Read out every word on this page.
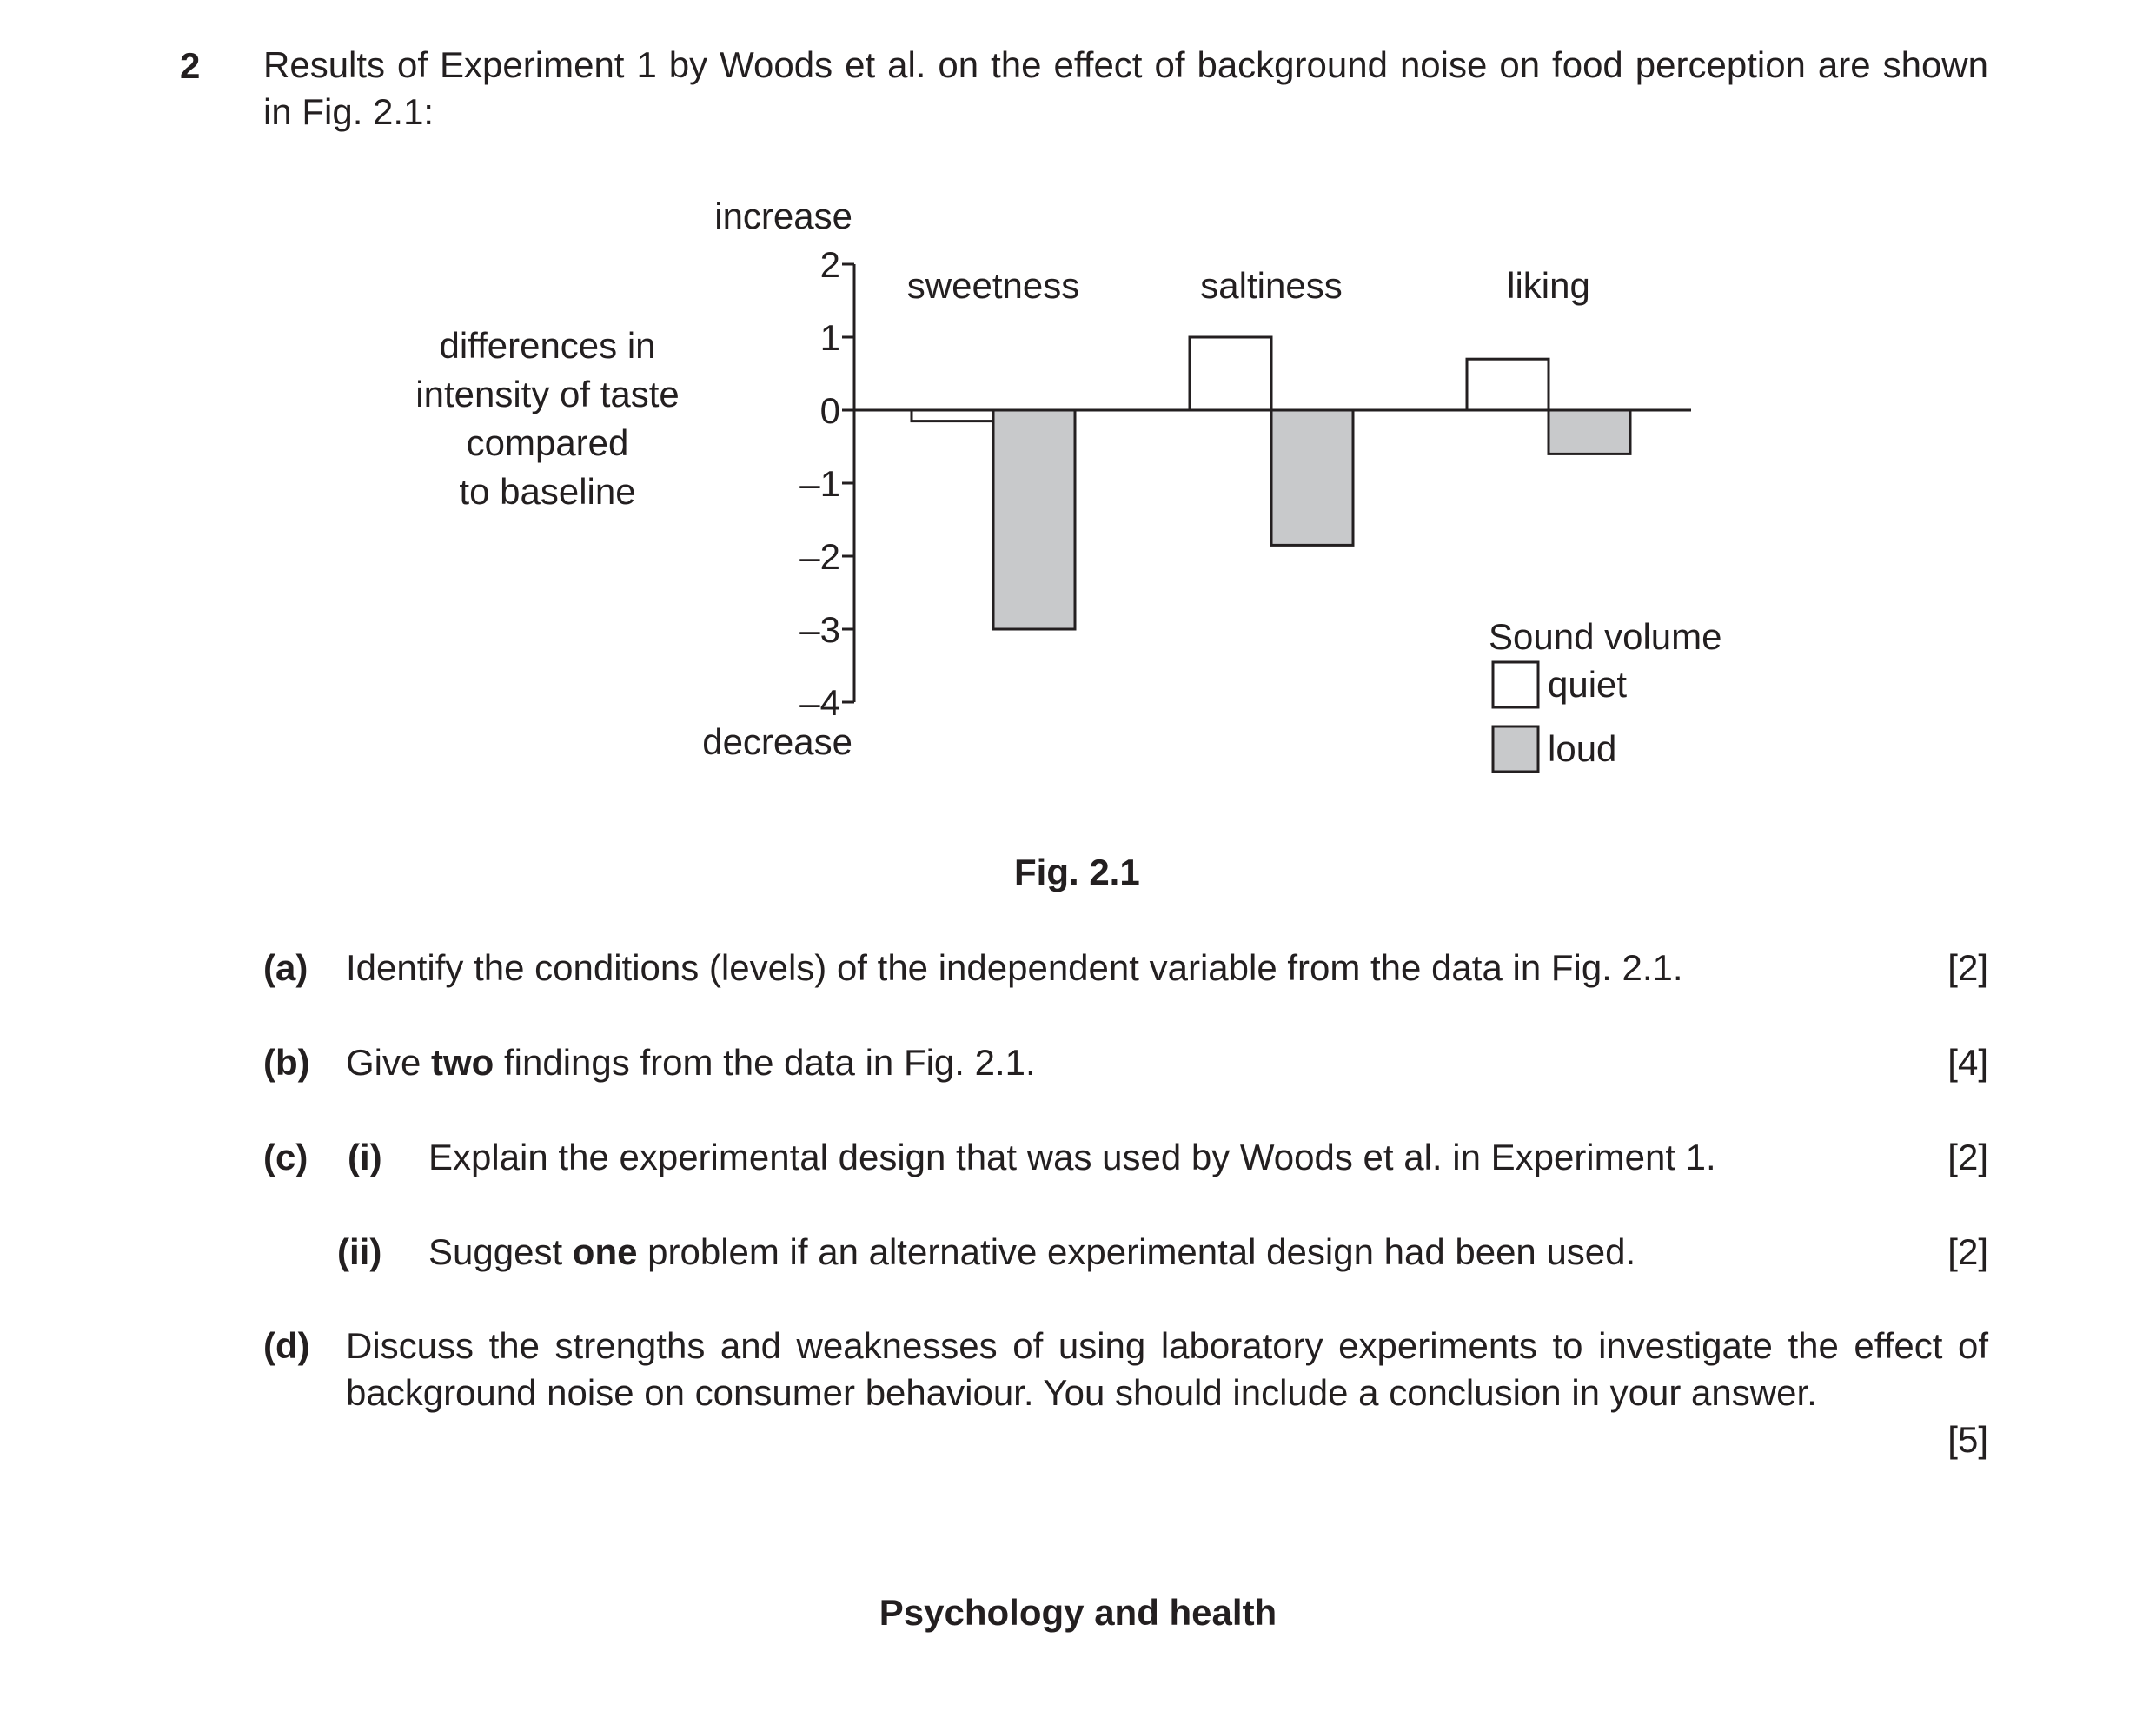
2 Results of Experiment 1 by Woods et al. on the effect of background noise on food perception are shown in Fig. 2.1:
differences in
intensity of taste
compared
to baseline
increase
decrease
2
1
0
–1
–2
–3
–4
sweetness	saltiness	liking
Sound volume
quiet
loud
Fig. 2.1
(a) Identify the conditions (levels) of the independent variable from the data in Fig. 2.1.	[2]
(b) Give two findings from the data in Fig. 2.1.	[4]
(c) (i) Explain the experimental design that was used by Woods et al. in Experiment 1.	[2]
(ii) Suggest one problem if an alternative experimental design had been used.	[2]
(d) Discuss the strengths and weaknesses of using laboratory experiments to investigate the effect of background noise on consumer behaviour. You should include a conclusion in your answer.
[5]
Psychology and health
